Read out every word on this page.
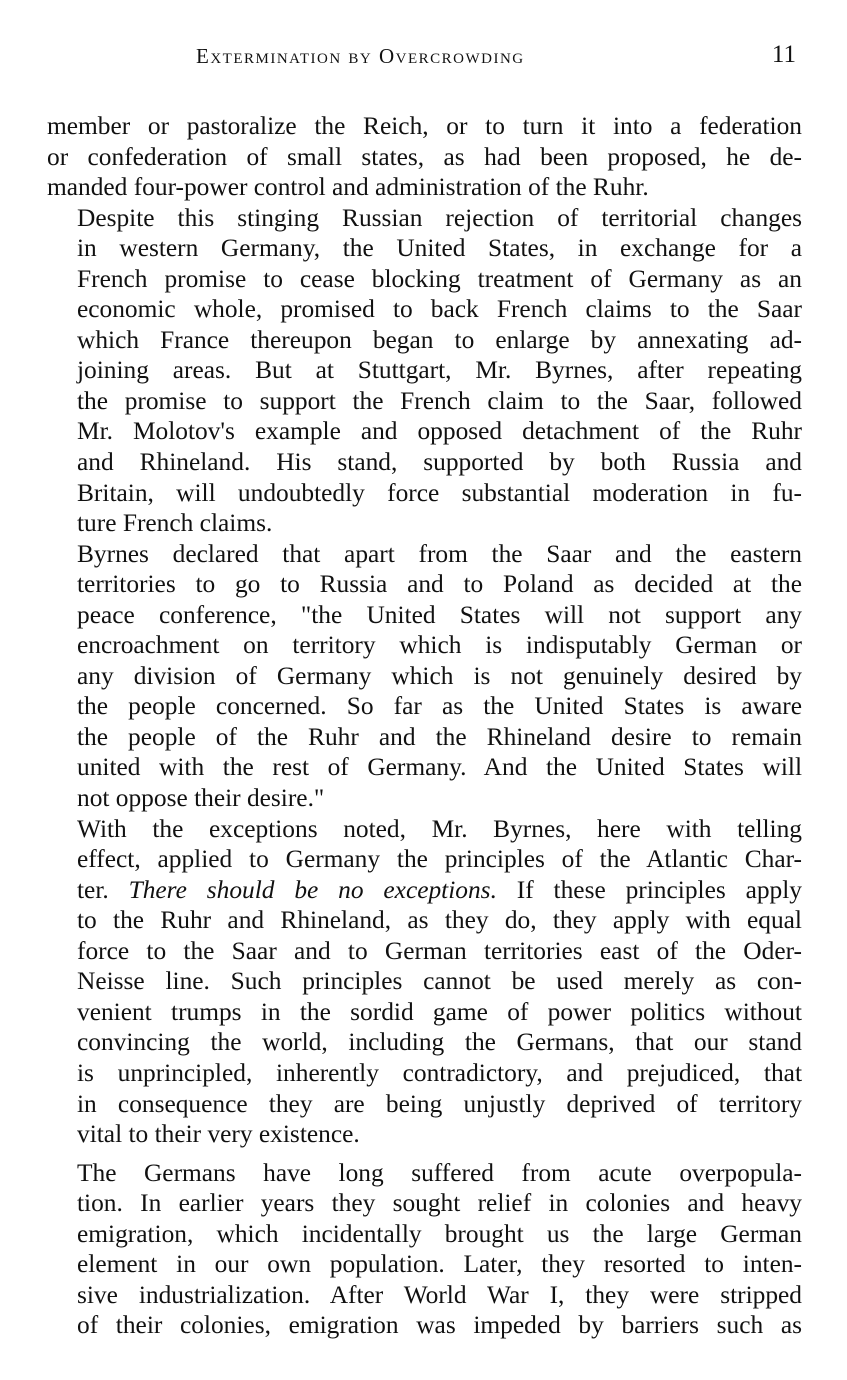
Extermination by Overcrowding	11

member or pastoralize the Reich, or to turn it into a federation
or confederation of small states, as had been proposed, he de-
manded four-power control and administration of the Ruhr.

Despite this stinging Russian rejection of territorial changes
in western Germany, the United States, in exchange for a
French promise to cease blocking treatment of Germany as an
economic whole, promised to back French claims to the Saar
which France thereupon began to enlarge by annexating ad-
joining areas. But at Stuttgart, Mr. Byrnes, after repeating
the promise to support the French claim to the Saar, followed
Mr. Molotov's example and opposed detachment of the Ruhr
and Rhineland. His stand, supported by both Russia and
Britain, will undoubtedly force substantial moderation in fu-
ture French claims.

Byrnes declared that apart from the Saar and the eastern
territories to go to Russia and to Poland as decided at the
peace conference, "the United States will not support any
encroachment on territory which is indisputably German or
any division of Germany which is not genuinely desired by
the people concerned. So far as the United States is aware
the people of the Ruhr and the Rhineland desire to remain
united with the rest of Germany. And the United States will
not oppose their desire."

With the exceptions noted, Mr. Byrnes, here with telling
effect, applied to Germany the principles of the Atlantic Char-
ter. There should be no exceptions. If these principles apply
to the Ruhr and Rhineland, as they do, they apply with equal
force to the Saar and to German territories east of the Oder-
Neisse line. Such principles cannot be used merely as con-
venient trumps in the sordid game of power politics without
convincing the world, including the Germans, that our stand
is unprincipled, inherently contradictory, and prejudiced, that
in consequence they are being unjustly deprived of territory
vital to their very existence.

The Germans have long suffered from acute overpopula-
tion. In earlier years they sought relief in colonies and heavy
emigration, which incidentally brought us the large German
element in our own population. Later, they resorted to inten-
sive industrialization. After World War I, they were stripped
of their colonies, emigration was impeded by barriers such as
